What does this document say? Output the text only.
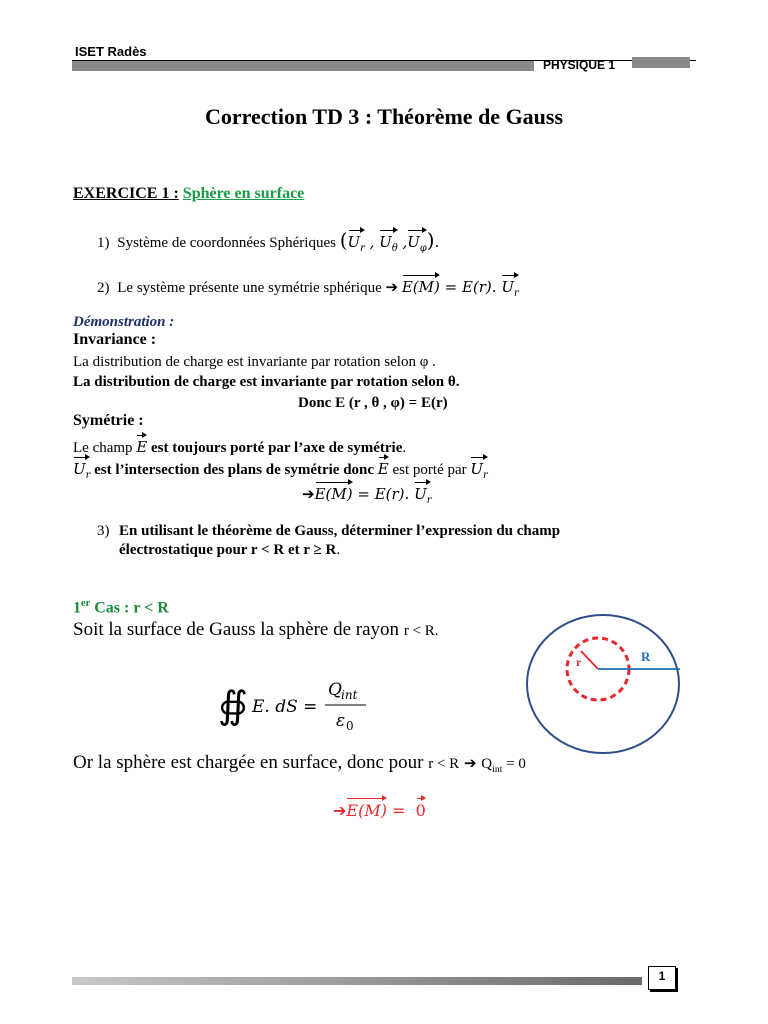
ISET Radès
PHYSIQUE 1
Correction TD 3 : Théorème de Gauss
EXERCICE 1 : Sphère en surface
1) Système de coordonnées Sphériques ($U_r$ , $U_\theta$ $,U_\varphi$).
2) Le système présente une symétrie sphérique ➔ E(M) = E(r). $U_r$
Démonstration :
Invariance :
La distribution de charge est invariante par rotation selon φ .
La distribution de charge est invariante par rotation selon θ.
Donc E (r , θ , φ) = E(r)
Symétrie :
Le champ E est toujours porté par l’axe de symétrie.
$U_r$ est l’intersection des plans de symétrie donc E est porté par $U_r$
➔E(M) = E(r). $U_r$
3) En utilisant le théorème de Gauss, déterminer l’expression du champ
électrostatique pour r < R et r ≥ R.
1er Cas : r < R
Soit la surface de Gauss la sphère de rayon r < R.
∯ E. dS =
Q int
ε 0
Or la sphère est chargée en surface, donc pour r < R ➔ $Q_{int} = 0$
➔E(M) =  0
r	R
1
